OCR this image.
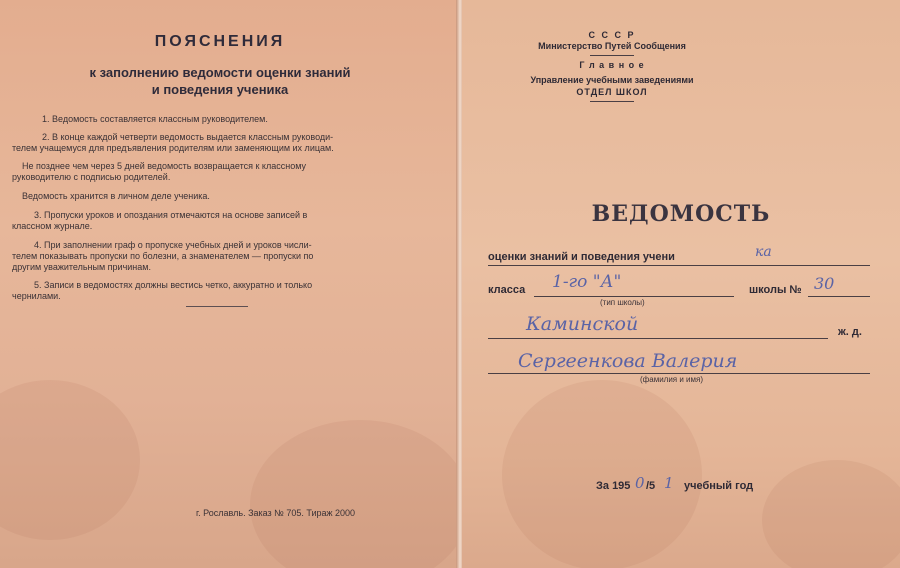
ПОЯСНЕНИЯ
к заполнению ведомости оценки знаний
и поведения ученика
1. Ведомость составляется классным руководителем.
2. В конце каждой четверти ведомость выдается классным руководи-
телем учащемуся для предъявления родителям или заменяющим их лицам.
Не позднее чем через 5 дней ведомость возвращается к классному
руководителю с подписью родителей.
Ведомость хранится в личном деле ученика.
3. Пропуски уроков и опоздания отмечаются на основе записей в
классном журнале.
4. При заполнении граф о пропуске учебных дней и уроков числи-
телем показывать пропуски по болезни, а знаменателем — пропуски по
другим уважительным причинам.
5. Записи в ведомостях должны вестись четко, аккуратно и только
чернилами.
г. Рославль. Заказ № 705. Тираж 2000
С С С Р
Министерство Путей Сообщения
Г л а в н о е
Управление учебными заведениями
ОТДЕЛ ШКОЛ
ВЕДОМОСТЬ
оценки знаний и поведения учени	ка
класса 1-го "А"
(тип школы)
школы № 30
Каминской	ж. д.
Сергеенкова Валерия
(фамилия и имя)
За 195 0 /5 1 учебный год
